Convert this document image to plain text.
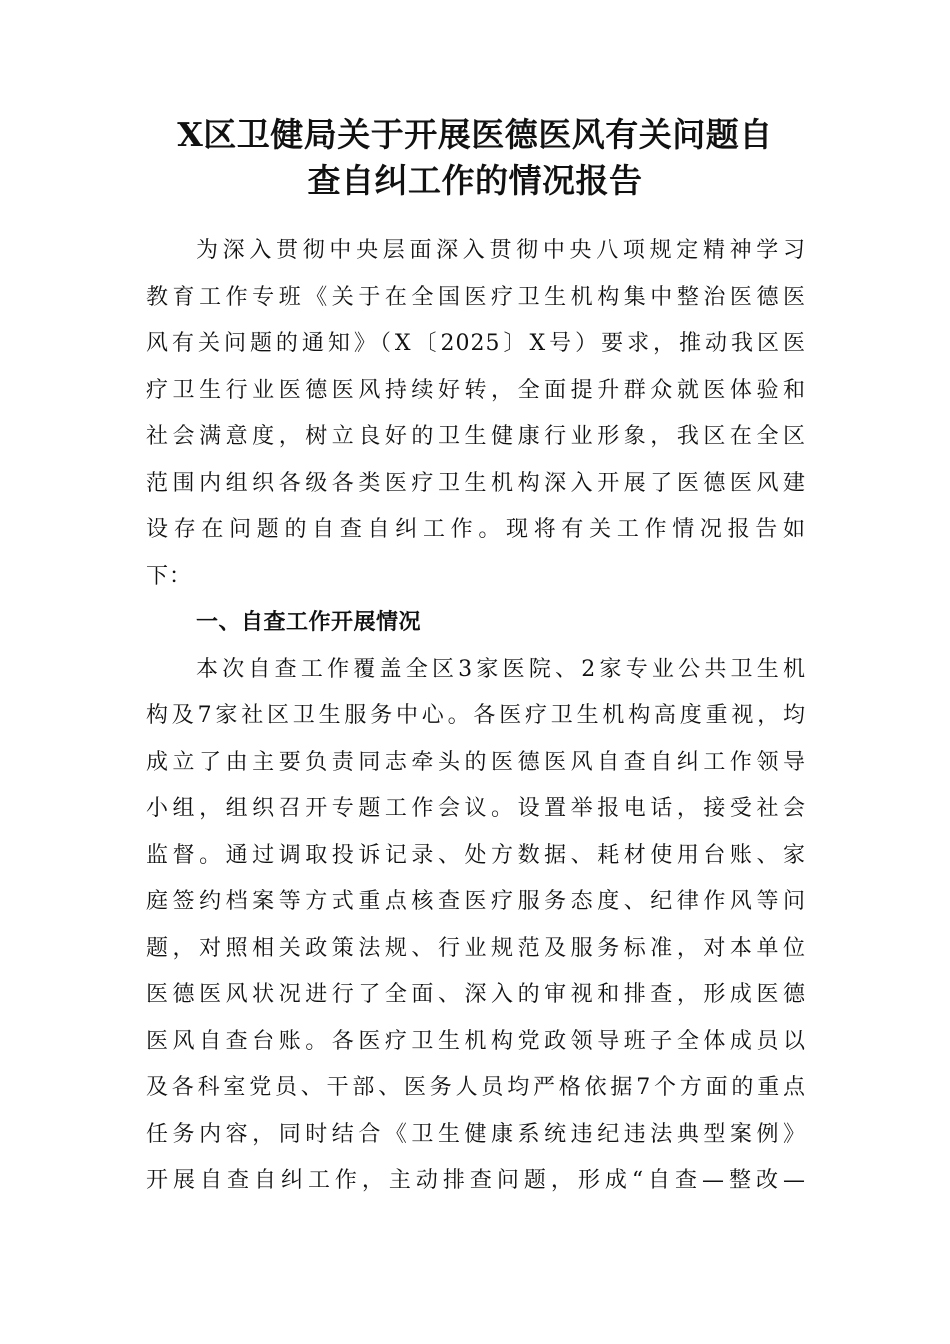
X区卫健局关于开展医德医风有关问题自
查自纠工作的情况报告
为深入贯彻中央层面深入贯彻中央八项规定精神学习
教育工作专班《关于在全国医疗卫生机构集中整治医德医
风有关问题的通知》（X〔2025〕X号）要求，推动我区医
疗卫生行业医德医风持续好转，全面提升群众就医体验和
社会满意度，树立良好的卫生健康行业形象，我区在全区
范围内组织各级各类医疗卫生机构深入开展了医德医风建
设存在问题的自查自纠工作。现将有关工作情况报告如
下：
一、自查工作开展情况
本次自查工作覆盖全区3家医院、2家专业公共卫生机
构及7家社区卫生服务中心。各医疗卫生机构高度重视，均
成立了由主要负责同志牵头的医德医风自查自纠工作领导
小组，组织召开专题工作会议。设置举报电话，接受社会
监督。通过调取投诉记录、处方数据、耗材使用台账、家
庭签约档案等方式重点核查医疗服务态度、纪律作风等问
题，对照相关政策法规、行业规范及服务标准，对本单位
医德医风状况进行了全面、深入的审视和排查，形成医德
医风自查台账。各医疗卫生机构党政领导班子全体成员以
及各科室党员、干部、医务人员均严格依据7个方面的重点
任务内容，同时结合《卫生健康系统违纪违法典型案例》
开展自查自纠工作，主动排查问题，形成“自查—整改—
